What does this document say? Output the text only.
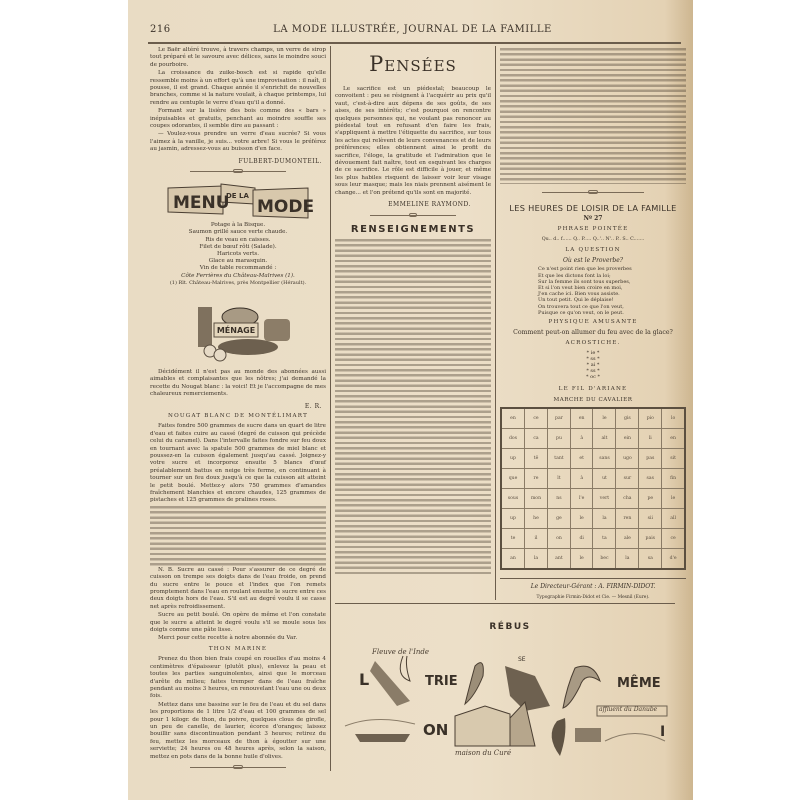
216	LA MODE ILLUSTRÉE, JOURNAL DE LA FAMILLE

Le Baër altéré trouve, à travers champs, un verre de sirop tout préparé et le savoure avec délices, sans le moindre souci de pourboire.

La croissance du zuike-bosch est si rapide qu'elle ressemble moins à un effort qu'à une improvisation : il naît, il pousse, il est grand. Chaque année il s'enrichit de nouvelles branches, comme si la nature voulait, à chaque printemps, lui rendre au centuple le verre d'eau qu'il a donné.

Formant sur la lisière des bois comme des « bars » inépuisables et gratuits, penchant au moindre souffle ses coupes odorantes, il semble dire au passant :

— Voulez-vous prendre un verre d'eau sucrée? Si vous l'aimez à la vanille, je suis... votre arbre! Si vous le préférez au jasmin, adressez-vous au buisson d'en face.

FULBERT-DUMONTEIL.
MENU
DE LA
MODE
Potage à la Bisque.
Saumon grillé sauce verte chaude.
Ris de veau en caisses.
Filet de bœuf rôti (Salade).
Haricots verts.
Glace au marasquin.
Vin de table recommandé :
Côte Ferrières du Château-Malrives (1).
(1) Rlt. Château-Malrives, près Montpellier (Hérault).
MÉNAGE

Décidément il n'est pas au monde des abonnées aussi aimables et complaisantes que les nôtres; j'ai demandé la recette du Nougat blanc : la voici! Et je l'accompagne de mes chaleureux remerciements.

E. R.
NOUGAT BLANC DE MONTÉLIMART

Faites fondre 500 grammes de sucre dans un quart de litre d'eau et faites cuire au cassé (degré de cuisson qui précède celui du caramel). Dans l'intervalle faites fondre sur feu doux en tournant avec la spatule 500 grammes de miel blanc et poussez-en la cuisson également jusqu'au cassé. Joignez-y votre sucre et incorporez ensuite 5 blancs d'œuf préalablement battus en neige très ferme, en continuant à tourner sur un feu doux jusqu'à ce que la cuisson ait atteint le petit boulé. Mettez-y alors 750 grammes d'amandes fraîchement blanchies et encore chaudes, 125 grammes de pistaches et 125 grammes de pralines roses.

N. B. Sucre au cassé : Pour s'assurer de ce degré de cuisson on trempe ses doigts dans de l'eau froide, on prend du sucre entre le pouce et l'index que l'on remets promptement dans l'eau en roulant ensuite le sucre entre ces deux doigts hors de l'eau. S'il est au degré voulu il se casse net après refroidissement.

Sucre au petit boulé. On opère de même et l'on constate que le sucre a atteint le degré voulu s'il se moule sous les doigts comme une pâte lisse.

Merci pour cette recette à notre abonnée du Var.

THON MARINE

Prenez du thon bien frais coupé en rouelles d'au moins 4 centimètres d'épaisseur (plutôt plus), enlevez la peau et toutes les parties sanguinolentes, ainsi que le morceau d'arête du milieu; faites tremper dans de l'eau fraîche pendant au moins 3 heures, en renouvelant l'eau une ou deux fois.

Mettez dans une bassine sur le feu de l'eau et du sel dans les proportions de 1 litre 1/2 d'eau et 100 grammes de sel pour 1 kilogr. de thon, du poivre, quelques clous de girofle, un peu de canelle, de laurier, écorce d'oranges; laissez bouillir sans discontinuation pendant 3 heures; retirez du feu, mettez les morceaux de thon à égoutter sur une serviette; 24 heures ou 48 heures après, selon la saison, mettez en pots dans de la bonne huile d'olives.

Pensées

Le sacrifice est un piédestal; beaucoup le convoitent : peu se résignent à l'acquérir au prix qu'il vaut, c'est-à-dire aux dépens de ses goûts, de ses aises, de ses intérêts; c'est pourquoi on rencontre quelques personnes qui, ne voulant pas renoncer au piédestal tout en refusant d'en faire les frais, s'appliquent à mettre l'étiquette du sacrifice, sur tous les actes qui relèvent de leurs convenances et de leurs préférences; elles obtiennent ainsi le profit du sacrifice, l'éloge, la gratitude et l'admiration que le dévouement fait naître, tout en esquivant les charges de ce sacrifice. Le rôle est difficile à jouer, et même les plus habiles risquent de laisser voir leur visage sous leur masque; mais les niais prennent aisément le change... et l'on prétend qu'ils sont en majorité.

EMMELINE RAYMOND.
RENSEIGNEMENTS
LES HEURES DE LOISIR DE LA FAMILLE
Nº 27
PHRASE POINTÉE
Qu.. d.. f...... Q.. P..... Q..'.. N'.. P.. S.. C.......
LA QUESTION
Où est le Proverbe?
Ce n'est point rien que les proverbes
Et que les dictons font la loi;
Sur la femme ils sont tous superbes,
Et si l'on veut bien croire en moi,
J'en cache ici. Bien vous assiste.
Un tout petit. Qui le déplaise!
On trouvera tout ce que l'on veut,
Puisque ce qu'on veut, on le peut.
PHYSIQUE AMUSANTE
Comment peut-on allumer du feu avec de la glace?
ACROSTICHE.
* ie *
* ss *
* ai *
* ss *
* oc *
LE FIL D'ARIANE
MARCHE DU CAVALIER
en	ce	par	en	le	gis	pio	lo
dos	ca	pu	à	alt	ein	li	en
up	tê	tant	et	sans	ugo	pas	sit
que	re	lt	à	ut	sur	sas	fin
sous	mon	ns	l'e	vert	cha	pe	le
up	he	ge	le	la	ren	sii	all
te	il	on	di	ta	ale	pais	ce
an	la	ant	le	bec	la	sa	d'e
Le Directeur-Gérant : A. FIRMIN-DIDOT.
Typographie Firmin-Didot et Cie. — Mesnil (Eure).
RÉBUS
Fleuve de l'Inde
L	TRIE
SE
MÊME
ON
maison du Curé
affluent du Danube
I
